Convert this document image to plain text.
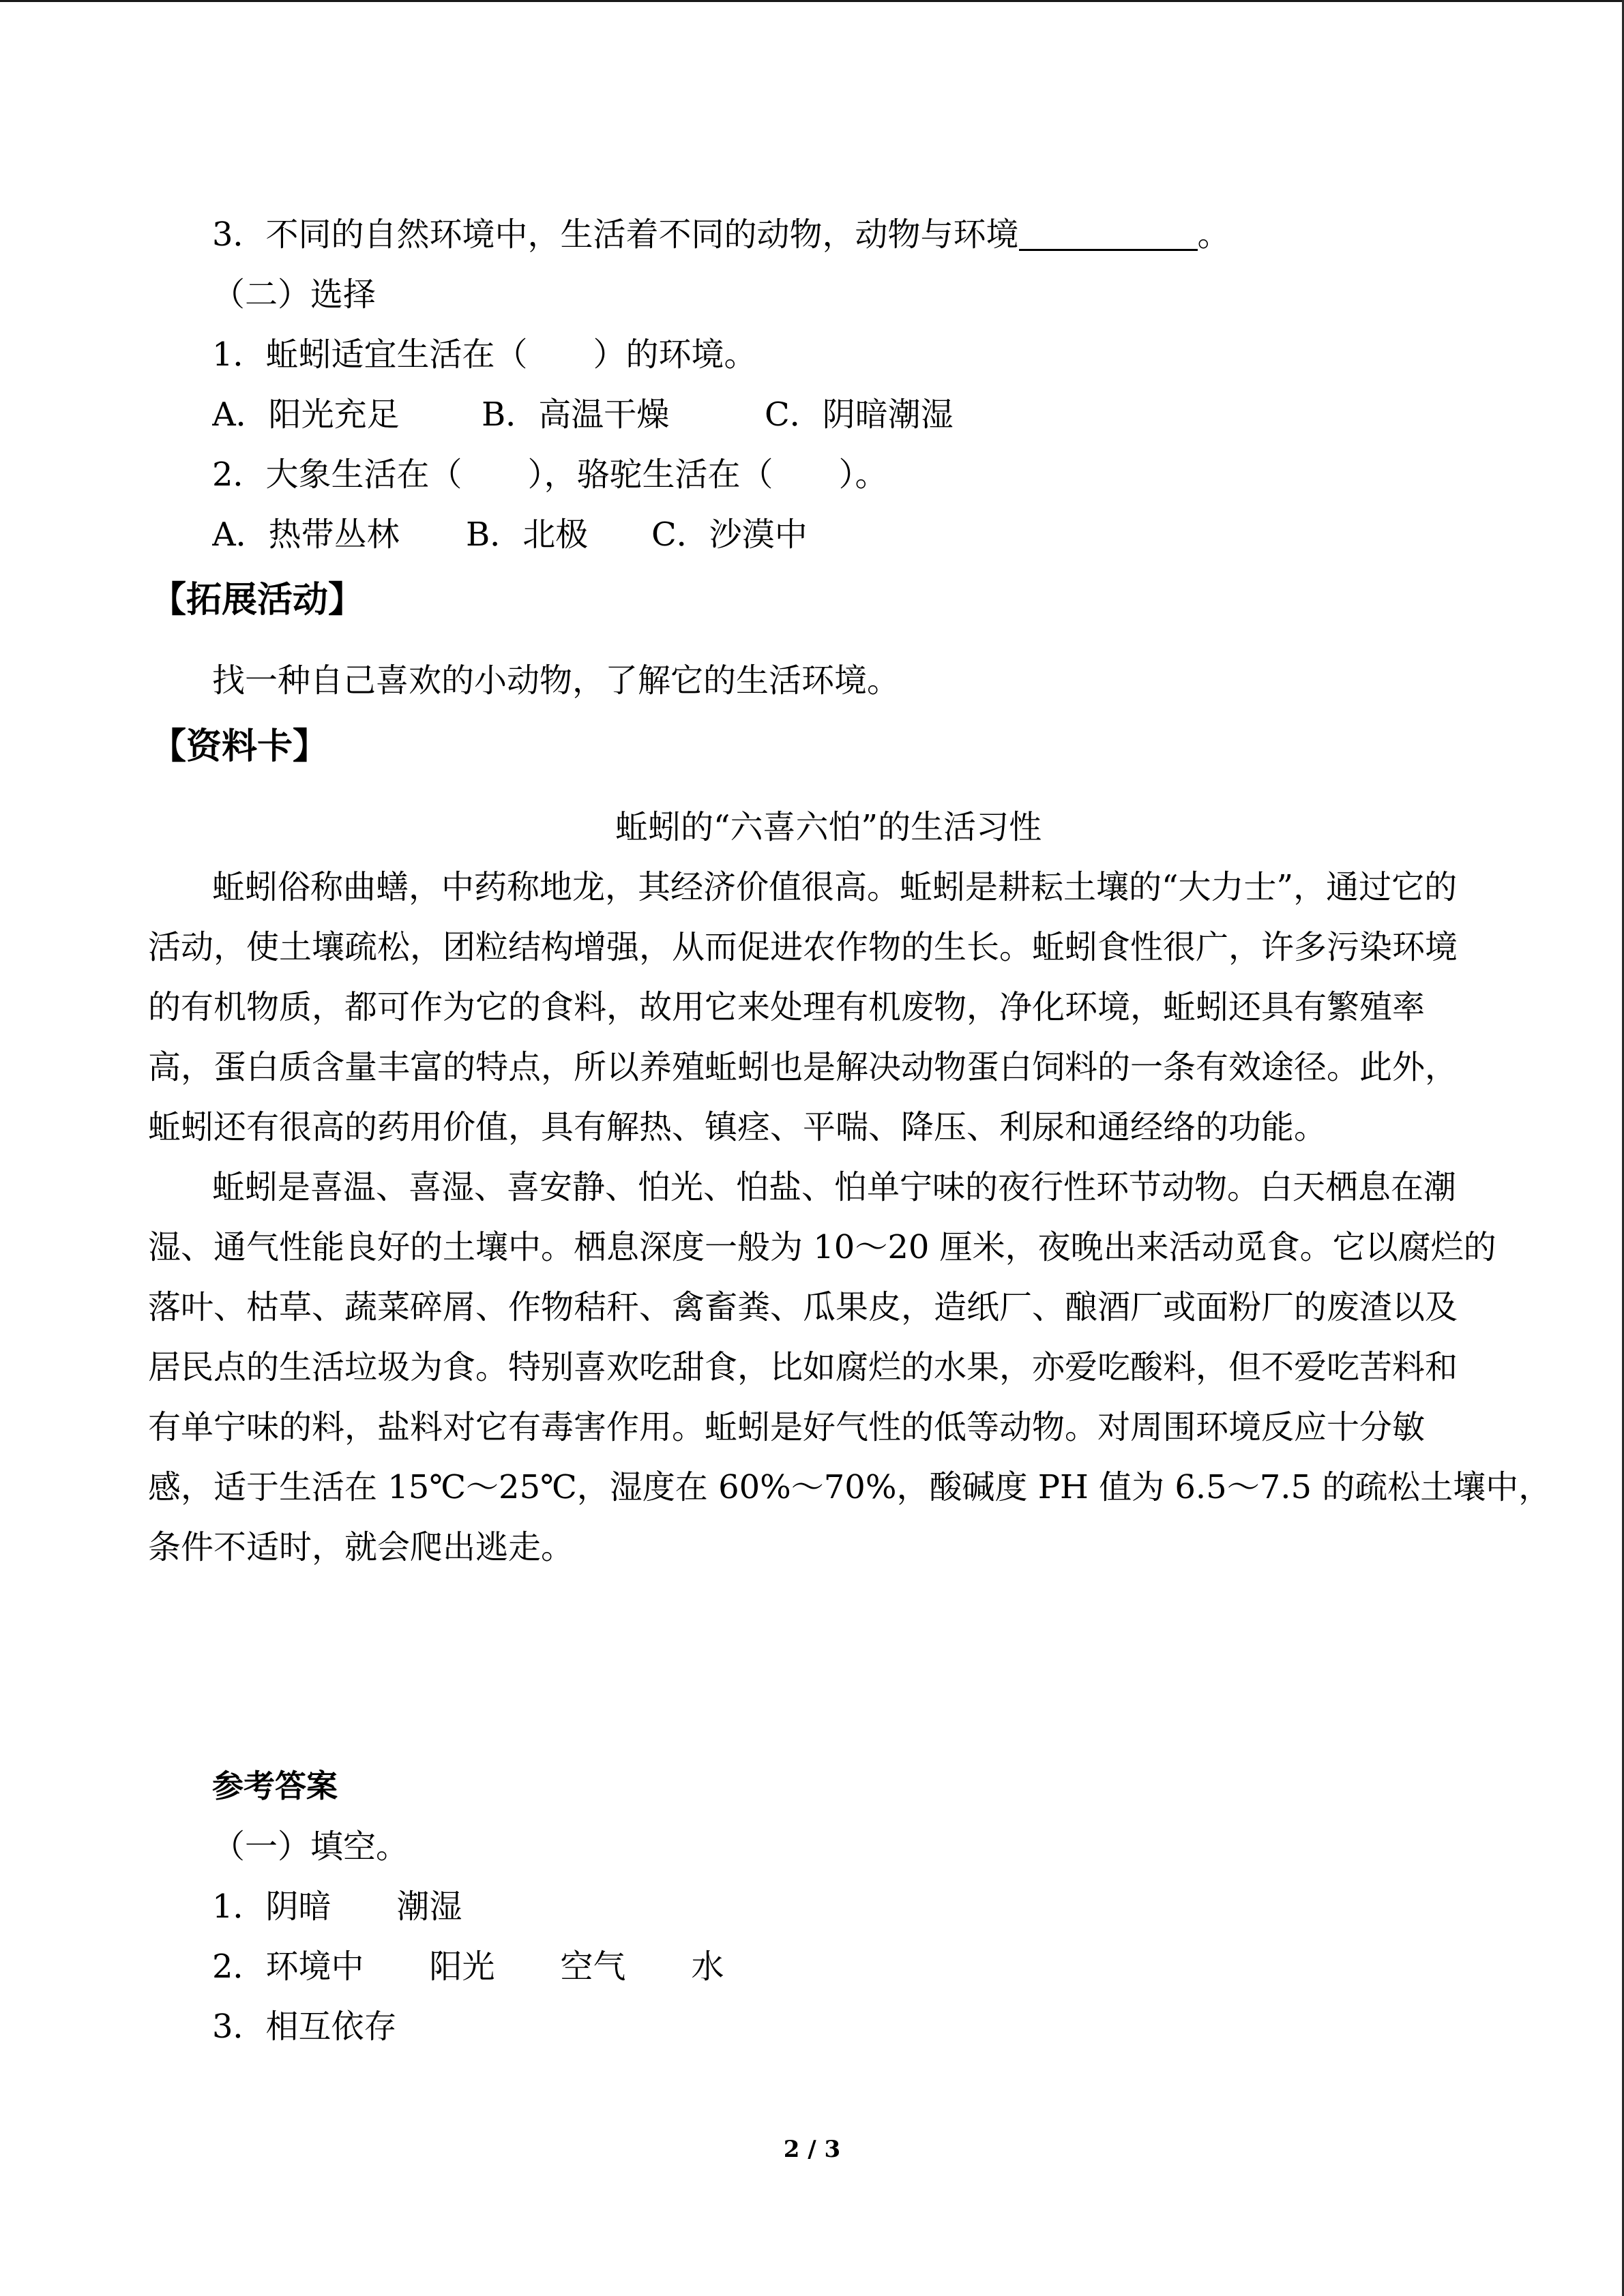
3．不同的自然环境中，生活着不同的动物，动物与环境	。
（二）选择
1．蚯蚓适宜生活在（　　）的环境。
A．阳光充足	B．高温干燥	C．阴暗潮湿
2．大象生活在（　　），骆驼生活在（　　）。
A．热带丛林 B．北极 C．沙漠中
【拓展活动】
找一种自己喜欢的小动物，了解它的生活环境。
【资料卡】
蚯蚓的“六喜六怕”的生活习性
蚯蚓俗称曲蟮，中药称地龙，其经济价值很高。蚯蚓是耕耘土壤的“大力士”，通过它的
活动，使土壤疏松，团粒结构增强，从而促进农作物的生长。蚯蚓食性很广，许多污染环境
的有机物质，都可作为它的食料，故用它来处理有机废物，净化环境，蚯蚓还具有繁殖率
高，蛋白质含量丰富的特点，所以养殖蚯蚓也是解决动物蛋白饲料的一条有效途径。此外，
蚯蚓还有很高的药用价值，具有解热、镇痉、平喘、降压、利尿和通经络的功能。
蚯蚓是喜温、喜湿、喜安静、怕光、怕盐、怕单宁味的夜行性环节动物。白天栖息在潮
湿、通气性能良好的土壤中。栖息深度一般为 10～20 厘米，夜晚出来活动觅食。它以腐烂的
落叶、枯草、蔬菜碎屑、作物秸秆、禽畜粪、瓜果皮，造纸厂、酿酒厂或面粉厂的废渣以及
居民点的生活垃圾为食。特别喜欢吃甜食，比如腐烂的水果，亦爱吃酸料，但不爱吃苦料和
有单宁味的料，盐料对它有毒害作用。蚯蚓是好气性的低等动物。对周围环境反应十分敏
感，适于生活在 15℃～25℃，湿度在 60%～70%，酸碱度 PH 值为 6.5～7.5 的疏松土壤中，
条件不适时，就会爬出逃走。
参考答案
（一）填空。
1．阴暗　　潮湿
2．环境中　　阳光　　空气　　水
3．相互依存
2 / 3
